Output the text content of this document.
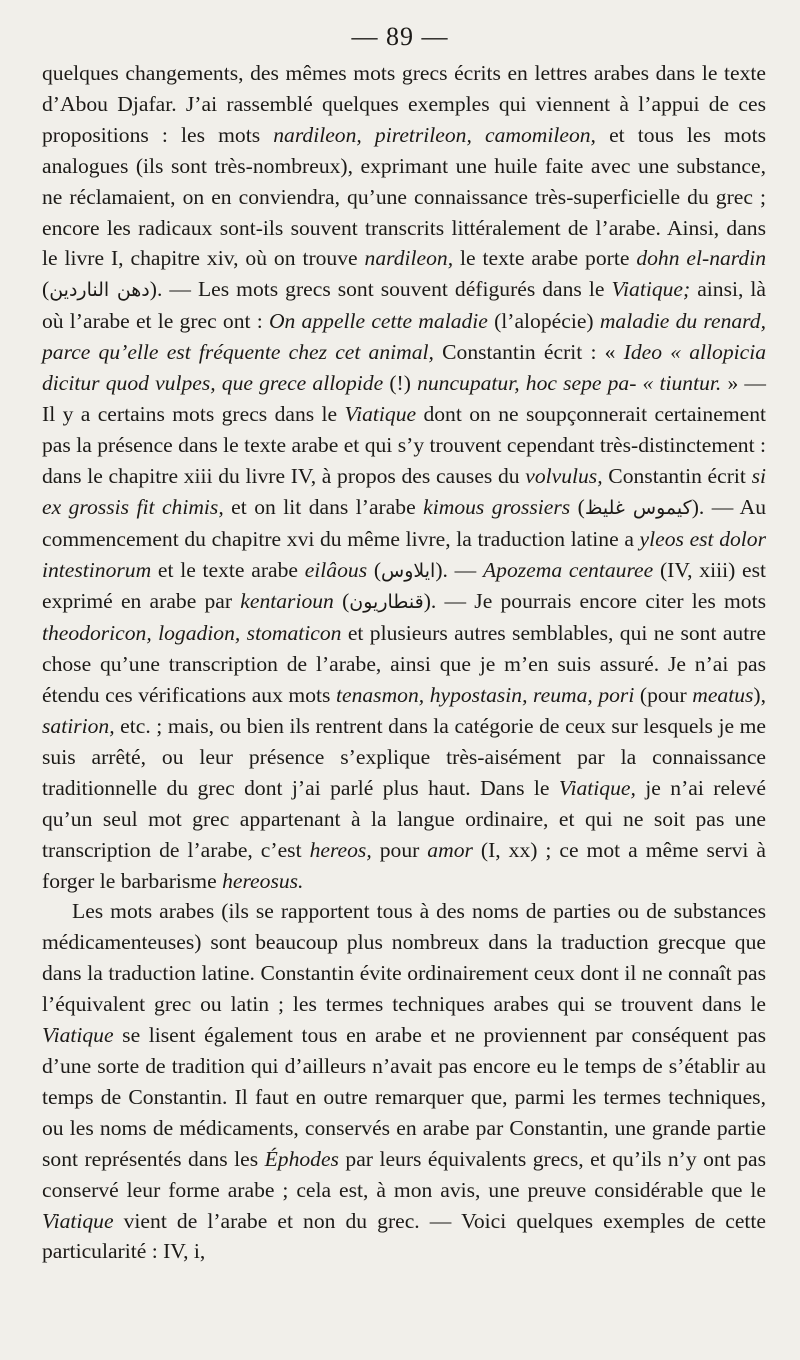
— 89 —

quelques changements, des mêmes mots grecs écrits en lettres arabes dans le texte d’Abou Djafar. J’ai rassemblé quelques exemples qui viennent à l’appui de ces propositions : les mots nardileon, piretrileon, camomileon, et tous les mots analogues (ils sont très-nombreux), exprimant une huile faite avec une substance, ne réclamaient, on en conviendra, qu’une connaissance très-superficielle du grec ; encore les radicaux sont-ils souvent transcrits littéralement de l’arabe. Ainsi, dans le livre I, chapitre xiv, où on trouve nardileon, le texte arabe porte dohn el-nardin (دهن الناردين). — Les mots grecs sont souvent défigurés dans le Viatique; ainsi, là où l’arabe et le grec ont : On appelle cette maladie (l’alopécie) maladie du renard, parce qu’elle est fréquente chez cet animal, Constantin écrit : « Ideo « allopicia dicitur quod vulpes, que grece allopide (!) nuncupatur, hoc sepe pa- « tiuntur. » — Il y a certains mots grecs dans le Viatique dont on ne soupçonnerait certainement pas la présence dans le texte arabe et qui s’y trouvent cependant très-distinctement : dans le chapitre xiii du livre IV, à propos des causes du volvulus, Constantin écrit si ex grossis fit chimis, et on lit dans l’arabe kimous grossiers (كيموس غليظ). — Au commencement du chapitre xvi du même livre, la traduction latine a yleos est dolor intestinorum et le texte arabe eilâous (ايلاوس). — Apozema centauree (IV, xiii) est exprimé en arabe par kentarioun (قنطاريون). — Je pourrais encore citer les mots theodoricon, logadion, stomaticon et plusieurs autres semblables, qui ne sont autre chose qu’une transcription de l’arabe, ainsi que je m’en suis assuré. Je n’ai pas étendu ces vérifications aux mots tenasmon, hypostasin, reuma, pori (pour meatus), satirion, etc. ; mais, ou bien ils rentrent dans la catégorie de ceux sur lesquels je me suis arrêté, ou leur présence s’explique très-aisément par la connaissance traditionnelle du grec dont j’ai parlé plus haut. Dans le Viatique, je n’ai relevé qu’un seul mot grec appartenant à la langue ordinaire, et qui ne soit pas une transcription de l’arabe, c’est hereos, pour amor (I, xx) ; ce mot a même servi à forger le barbarisme hereosus.

Les mots arabes (ils se rapportent tous à des noms de parties ou de substances médicamenteuses) sont beaucoup plus nombreux dans la traduction grecque que dans la traduction latine. Constantin évite ordinairement ceux dont il ne connaît pas l’équivalent grec ou latin ; les termes techniques arabes qui se trouvent dans le Viatique se lisent également tous en arabe et ne proviennent par conséquent pas d’une sorte de tradition qui d’ailleurs n’avait pas encore eu le temps de s’établir au temps de Constantin. Il faut en outre remarquer que, parmi les termes techniques, ou les noms de médicaments, conservés en arabe par Constantin, une grande partie sont représentés dans les Éphodes par leurs équivalents grecs, et qu’ils n’y ont pas conservé leur forme arabe ; cela est, à mon avis, une preuve considérable que le Viatique vient de l’arabe et non du grec. — Voici quelques exemples de cette particularité : IV, i,
